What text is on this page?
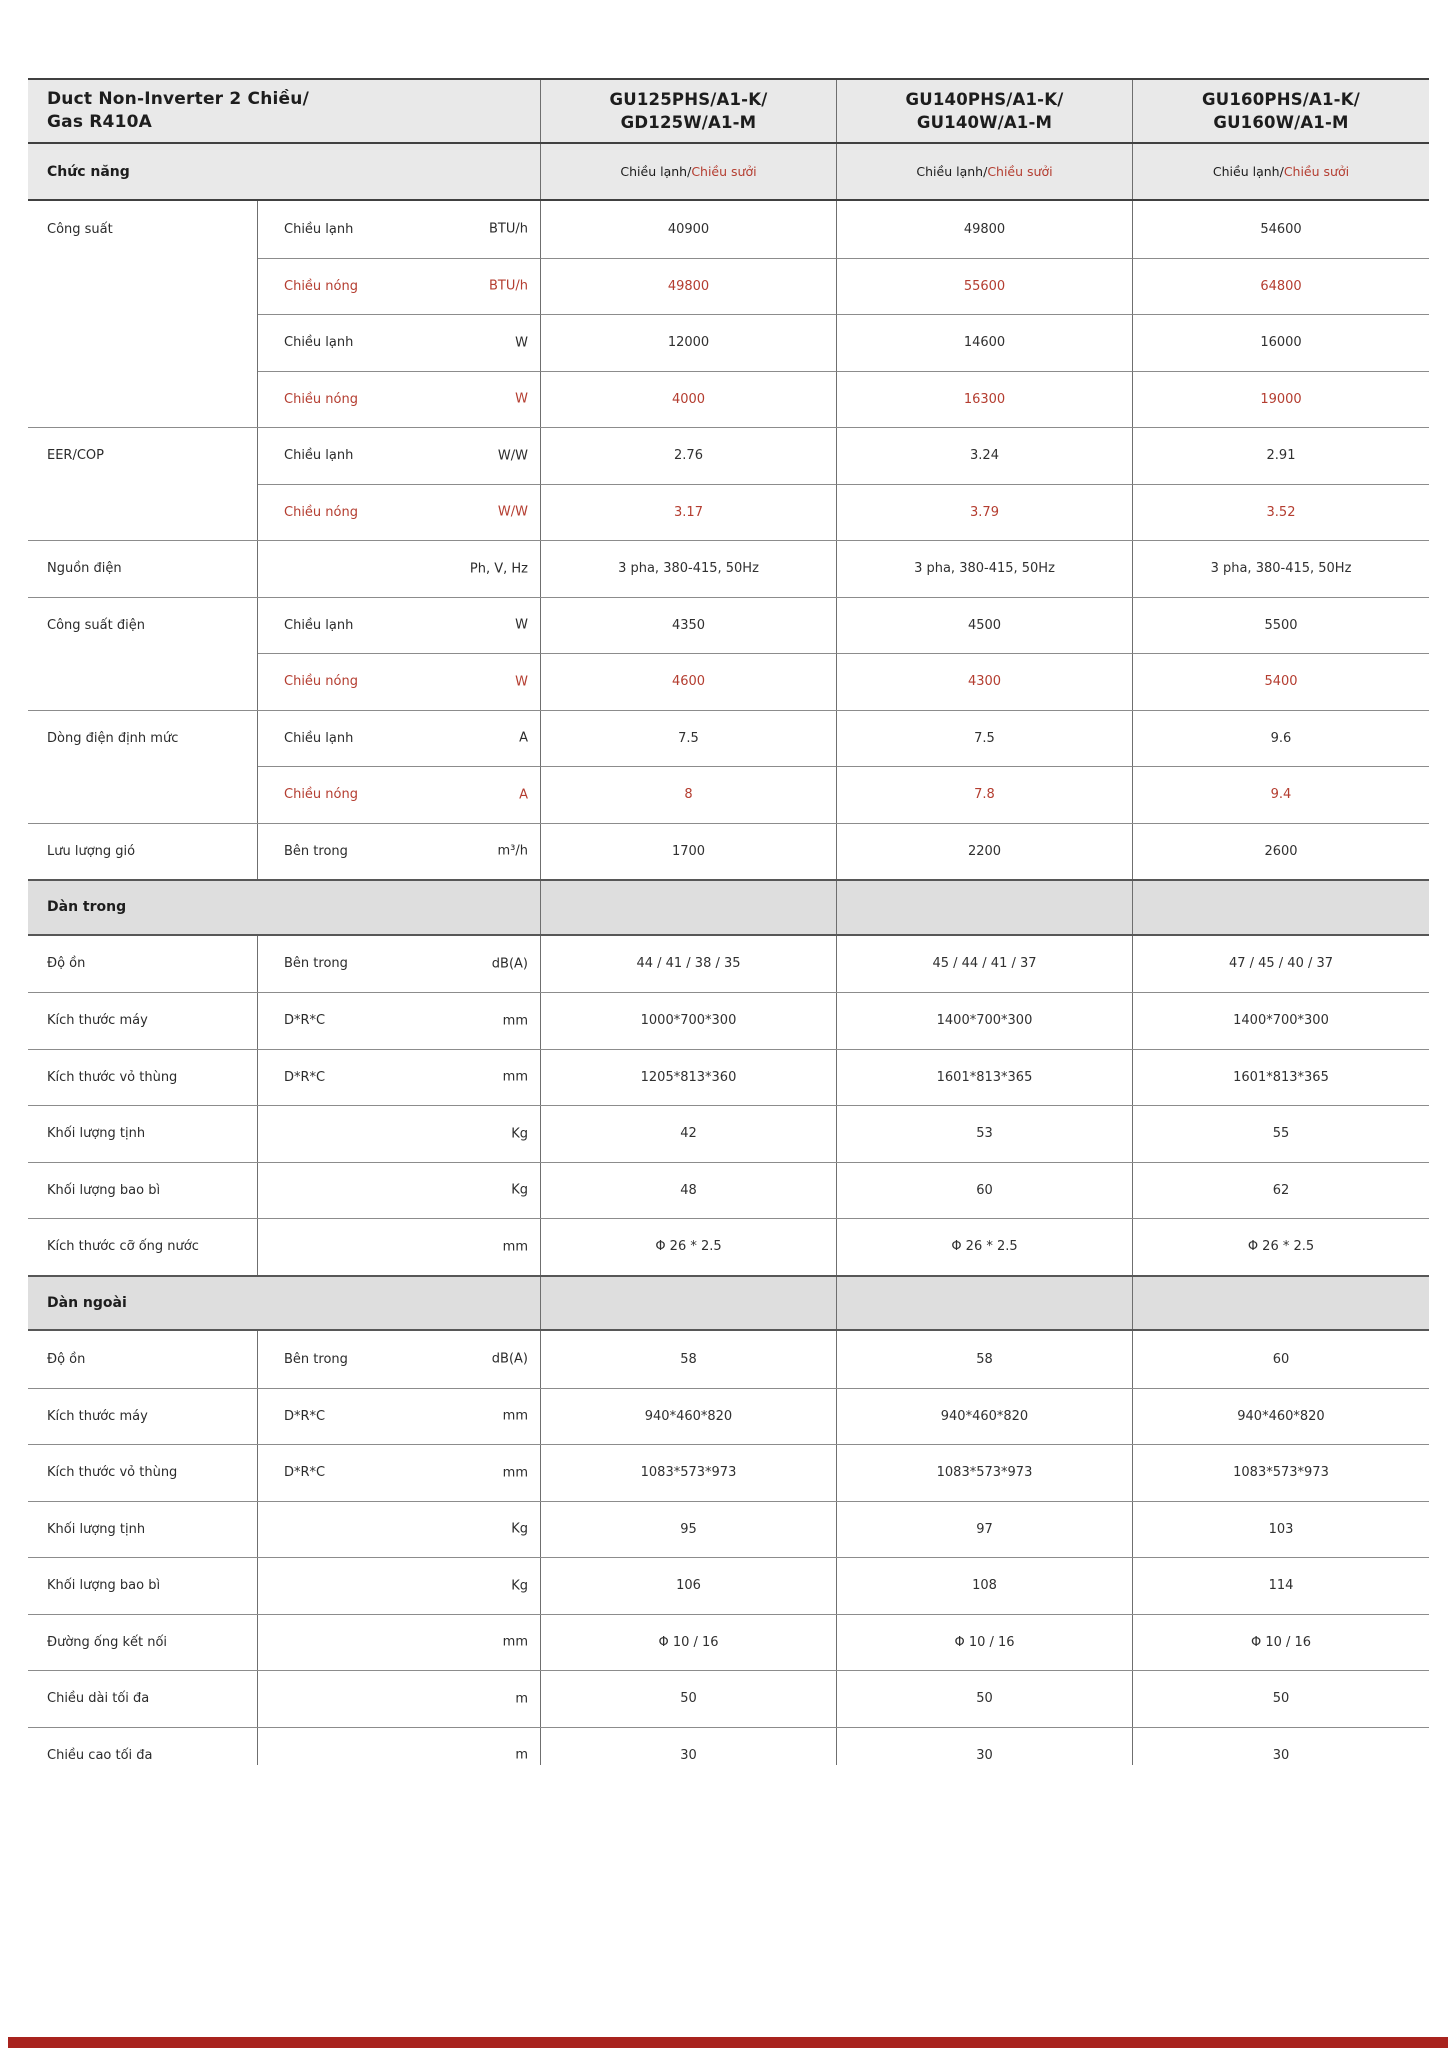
Duct Non-Inverter 2 Chiều/
Gas R410A
GU125PHS/A1-K/
GD125W/A1-M
GU140PHS/A1-K/
GU140W/A1-M
GU160PHS/A1-K/
GU160W/A1-M
Chức năng	Chiều lạnh/Chiều sưởi	Chiều lạnh/Chiều sưởi	Chiều lạnh/Chiều sưởi
Công suất	Chiều lạnh	BTU/h	40900	49800	54600
Chiều nóng	BTU/h	49800	55600	64800
Chiều lạnh	W	12000	14600	16000
Chiều nóng	W	4000	16300	19000
EER/COP	Chiều lạnh	W/W	2.76	3.24	2.91
Chiều nóng	W/W	3.17	3.79	3.52
Nguồn điện	Ph, V, Hz	3 pha, 380-415, 50Hz	3 pha, 380-415, 50Hz	3 pha, 380-415, 50Hz
Công suất điện	Chiều lạnh	W	4350	4500	5500
Chiều nóng	W	4600	4300	5400
Dòng điện định mức	Chiều lạnh	A	7.5	7.5	9.6
Chiều nóng	A	8	7.8	9.4
Lưu lượng gió	Bên trong	m³/h	1700	2200	2600
Dàn trong
Độ ồn	Bên trong	dB(A)	44 / 41 / 38 / 35	45 / 44 / 41 / 37	47 / 45 / 40 / 37
Kích thước máy	D*R*C	mm	1000*700*300	1400*700*300	1400*700*300
Kích thước vỏ thùng	D*R*C	mm	1205*813*360	1601*813*365	1601*813*365
Khối lượng tịnh	Kg	42	53	55
Khối lượng bao bì	Kg	48	60	62
Kích thước cỡ ống nước	mm	Φ 26 * 2.5	Φ 26 * 2.5	Φ 26 * 2.5
Dàn ngoài
Độ ồn	Bên trong	dB(A)	58	58	60
Kích thước máy	D*R*C	mm	940*460*820	940*460*820	940*460*820
Kích thước vỏ thùng	D*R*C	mm	1083*573*973	1083*573*973	1083*573*973
Khối lượng tịnh	Kg	95	97	103
Khối lượng bao bì	Kg	106	108	114
Đường ống kết nối	mm	Φ 10 / 16	Φ 10 / 16	Φ 10 / 16
Chiều dài tối đa	m	50	50	50
Chiều cao tối đa	m	30	30	30
